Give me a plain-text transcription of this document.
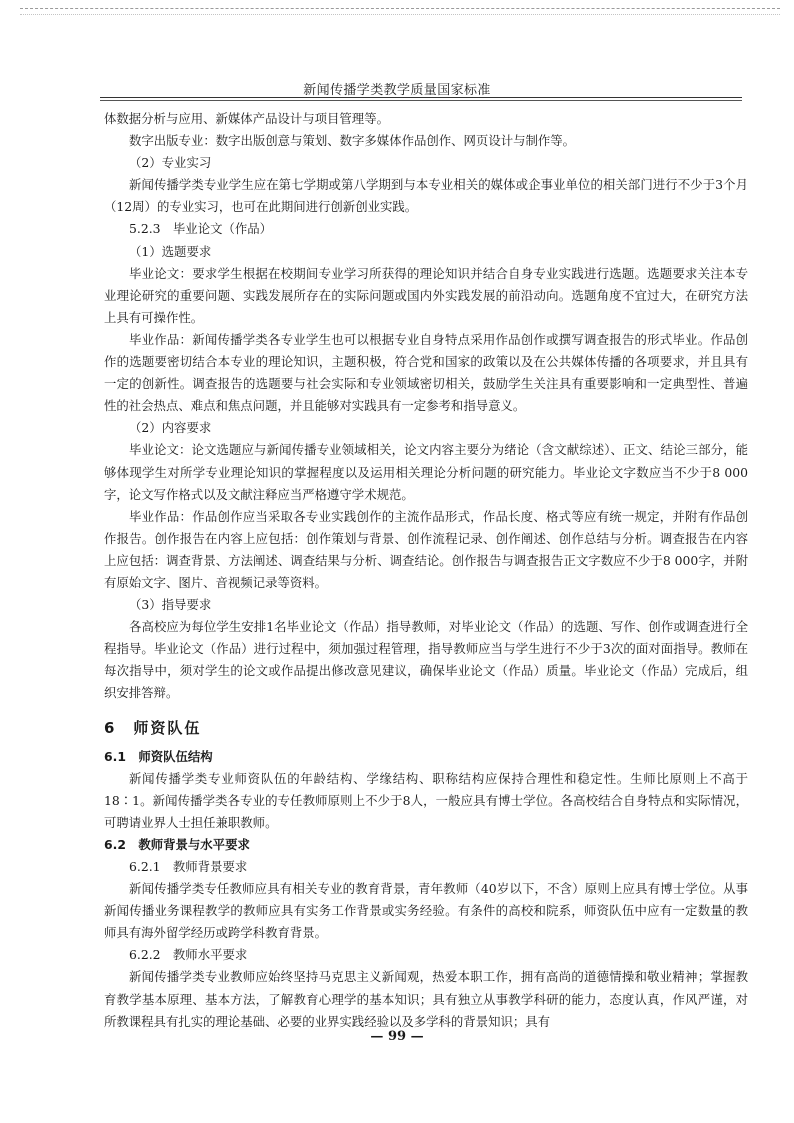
新闻传播学类教学质量国家标准

体数据分析与应用、新媒体产品设计与项目管理等。

数字出版专业：数字出版创意与策划、数字多媒体作品创作、网页设计与制作等。

（2）专业实习

新闻传播学类专业学生应在第七学期或第八学期到与本专业相关的媒体或企事业单位的相关部门进行不少于3个月（12周）的专业实习，也可在此期间进行创新创业实践。

5.2.3　毕业论文（作品）

（1）选题要求

毕业论文：要求学生根据在校期间专业学习所获得的理论知识并结合自身专业实践进行选题。选题要求关注本专业理论研究的重要问题、实践发展所存在的实际问题或国内外实践发展的前沿动向。选题角度不宜过大，在研究方法上具有可操作性。

毕业作品：新闻传播学类各专业学生也可以根据专业自身特点采用作品创作或撰写调查报告的形式毕业。作品创作的选题要密切结合本专业的理论知识，主题积极，符合党和国家的政策以及在公共媒体传播的各项要求，并且具有一定的创新性。调查报告的选题要与社会实际和专业领域密切相关，鼓励学生关注具有重要影响和一定典型性、普遍性的社会热点、难点和焦点问题，并且能够对实践具有一定参考和指导意义。

（2）内容要求

毕业论文：论文选题应与新闻传播专业领域相关，论文内容主要分为绪论（含文献综述）、正文、结论三部分，能够体现学生对所学专业理论知识的掌握程度以及运用相关理论分析问题的研究能力。毕业论文字数应当不少于8 000字，论文写作格式以及文献注释应当严格遵守学术规范。

毕业作品：作品创作应当采取各专业实践创作的主流作品形式，作品长度、格式等应有统一规定，并附有作品创作报告。创作报告在内容上应包括：创作策划与背景、创作流程记录、创作阐述、创作总结与分析。调查报告在内容上应包括：调查背景、方法阐述、调查结果与分析、调查结论。创作报告与调查报告正文字数应不少于8 000字，并附有原始文字、图片、音视频记录等资料。

（3）指导要求

各高校应为每位学生安排1名毕业论文（作品）指导教师，对毕业论文（作品）的选题、写作、创作或调查进行全程指导。毕业论文（作品）进行过程中，须加强过程管理，指导教师应当与学生进行不少于3次的面对面指导。教师在每次指导中，须对学生的论文或作品提出修改意见建议，确保毕业论文（作品）质量。毕业论文（作品）完成后，组织安排答辩。

6　师资队伍
6.1　师资队伍结构

新闻传播学类专业师资队伍的年龄结构、学缘结构、职称结构应保持合理性和稳定性。生师比原则上不高于18∶1。新闻传播学类各专业的专任教师原则上不少于8人，一般应具有博士学位。各高校结合自身特点和实际情况，可聘请业界人士担任兼职教师。

6.2　教师背景与水平要求

6.2.1　教师背景要求

新闻传播学类专任教师应具有相关专业的教育背景，青年教师（40岁以下，不含）原则上应具有博士学位。从事新闻传播业务课程教学的教师应具有实务工作背景或实务经验。有条件的高校和院系，师资队伍中应有一定数量的教师具有海外留学经历或跨学科教育背景。

6.2.2　教师水平要求

新闻传播学类专业教师应始终坚持马克思主义新闻观，热爱本职工作，拥有高尚的道德情操和敬业精神；掌握教育教学基本原理、基本方法，了解教育心理学的基本知识；具有独立从事教学科研的能力，态度认真，作风严谨，对所教课程具有扎实的理论基础、必要的业界实践经验以及多学科的背景知识；具有

— 99 —
